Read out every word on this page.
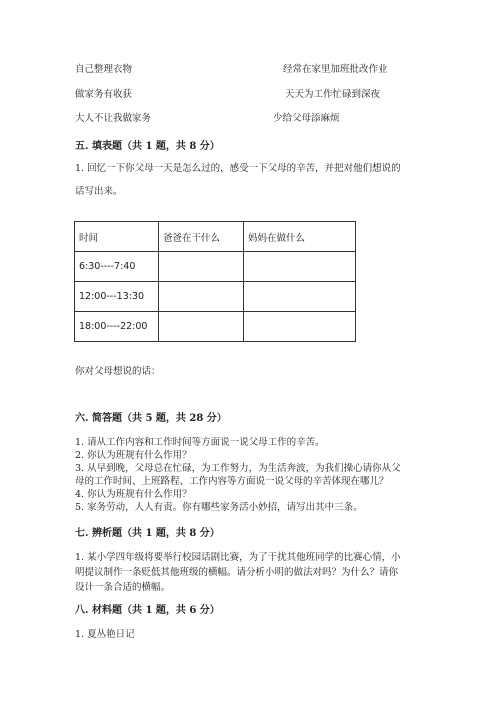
自己整理衣物	经常在家里加班批改作业
做家务有收获	天天为工作忙碌到深夜
大人不让我做家务	少给父母添麻烦
五. 填表题（共 1 题，共 8 分）
1. 回忆一下你父母一天是怎么过的，感受一下父母的辛苦，并把对他们想说的
话写出来。
时间	爸爸在干什么	妈妈在做什么
6:30----7:40		
12:00---13:30		
18:00----22:00		
你对父母想说的话：
六. 简答题（共 5 题，共 28 分）
1. 请从工作内容和工作时间等方面说一说父母工作的辛苦。
2. 你认为班规有什么作用？
3. 从早到晚，父母总在忙碌，为工作努力，为生活奔波，为我们操心请你从父
母的工作时间、上班路程、工作内容等方面说一说父母的辛苦体现在哪儿？
4. 你认为班规有什么作用？
5. 家务劳动，人人有责。你有哪些家务活小妙招，请写出其中三条。
七. 辨析题（共 1 题，共 8 分）
1. 某小学四年级将要举行校园话剧比赛，为了干扰其他班同学的比赛心情，小
明提议制作一条贬低其他班级的横幅。请分析小明的做法对吗？为什么？请你
设计一条合适的横幅。
八. 材料题（共 1 题，共 6 分）
1. 夏丛艳日记
